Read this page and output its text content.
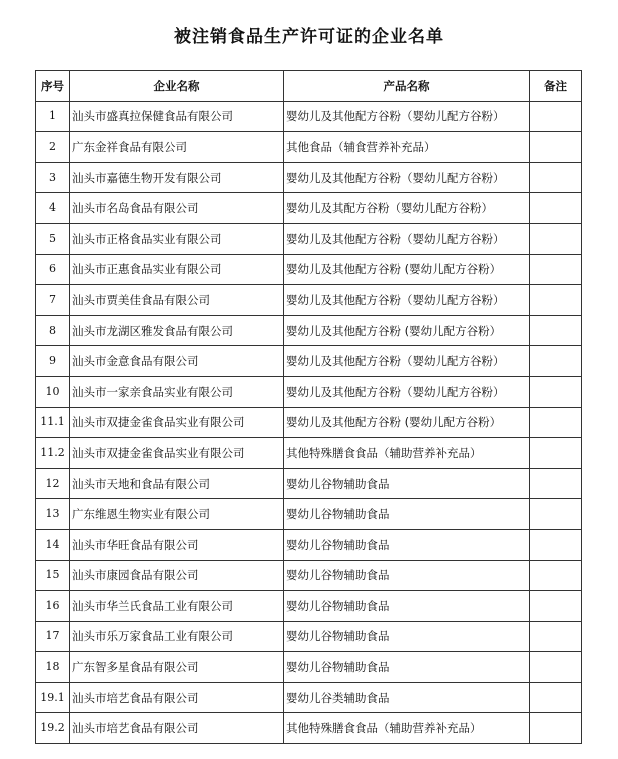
被注销食品生产许可证的企业名单
序号	企业名称	产品名称	备注
1	汕头市盛真拉保健食品有限公司	婴幼儿及其他配方谷粉（婴幼儿配方谷粉）	
2	广东金祥食品有限公司	其他食品（辅食营养补充品）	
3	汕头市嘉德生物开发有限公司	婴幼儿及其他配方谷粉（婴幼儿配方谷粉）	
4	汕头市名岛食品有限公司	婴幼儿及其配方谷粉（婴幼儿配方谷粉）	
5	汕头市正格食品实业有限公司	婴幼儿及其他配方谷粉（婴幼儿配方谷粉）	
6	汕头市正惠食品实业有限公司	婴幼儿及其他配方谷粉 (婴幼儿配方谷粉）	
7	汕头市贾美佳食品有限公司	婴幼儿及其他配方谷粉（婴幼儿配方谷粉）	
8	汕头市龙湖区雅发食品有限公司	婴幼儿及其他配方谷粉 (婴幼儿配方谷粉）	
9	汕头市金意食品有限公司	婴幼儿及其他配方谷粉（婴幼儿配方谷粉）	
10	汕头市一家亲食品实业有限公司	婴幼儿及其他配方谷粉（婴幼儿配方谷粉）	
11.1	汕头市双捷金雀食品实业有限公司	婴幼儿及其他配方谷粉 (婴幼儿配方谷粉）	
11.2	汕头市双捷金雀食品实业有限公司	其他特殊膳食食品（辅助营养补充品）	
12	汕头市天地和食品有限公司	婴幼儿谷物辅助食品	
13	广东维恩生物实业有限公司	婴幼儿谷物辅助食品	
14	汕头市华旺食品有限公司	婴幼儿谷物辅助食品	
15	汕头市康园食品有限公司	婴幼儿谷物辅助食品	
16	汕头市华兰氏食品工业有限公司	婴幼儿谷物辅助食品	
17	汕头市乐万家食品工业有限公司	婴幼儿谷物辅助食品	
18	广东智多星食品有限公司	婴幼儿谷物辅助食品	
19.1	汕头市培艺食品有限公司	婴幼儿谷类辅助食品	
19.2	汕头市培艺食品有限公司	其他特殊膳食食品（辅助营养补充品）	
